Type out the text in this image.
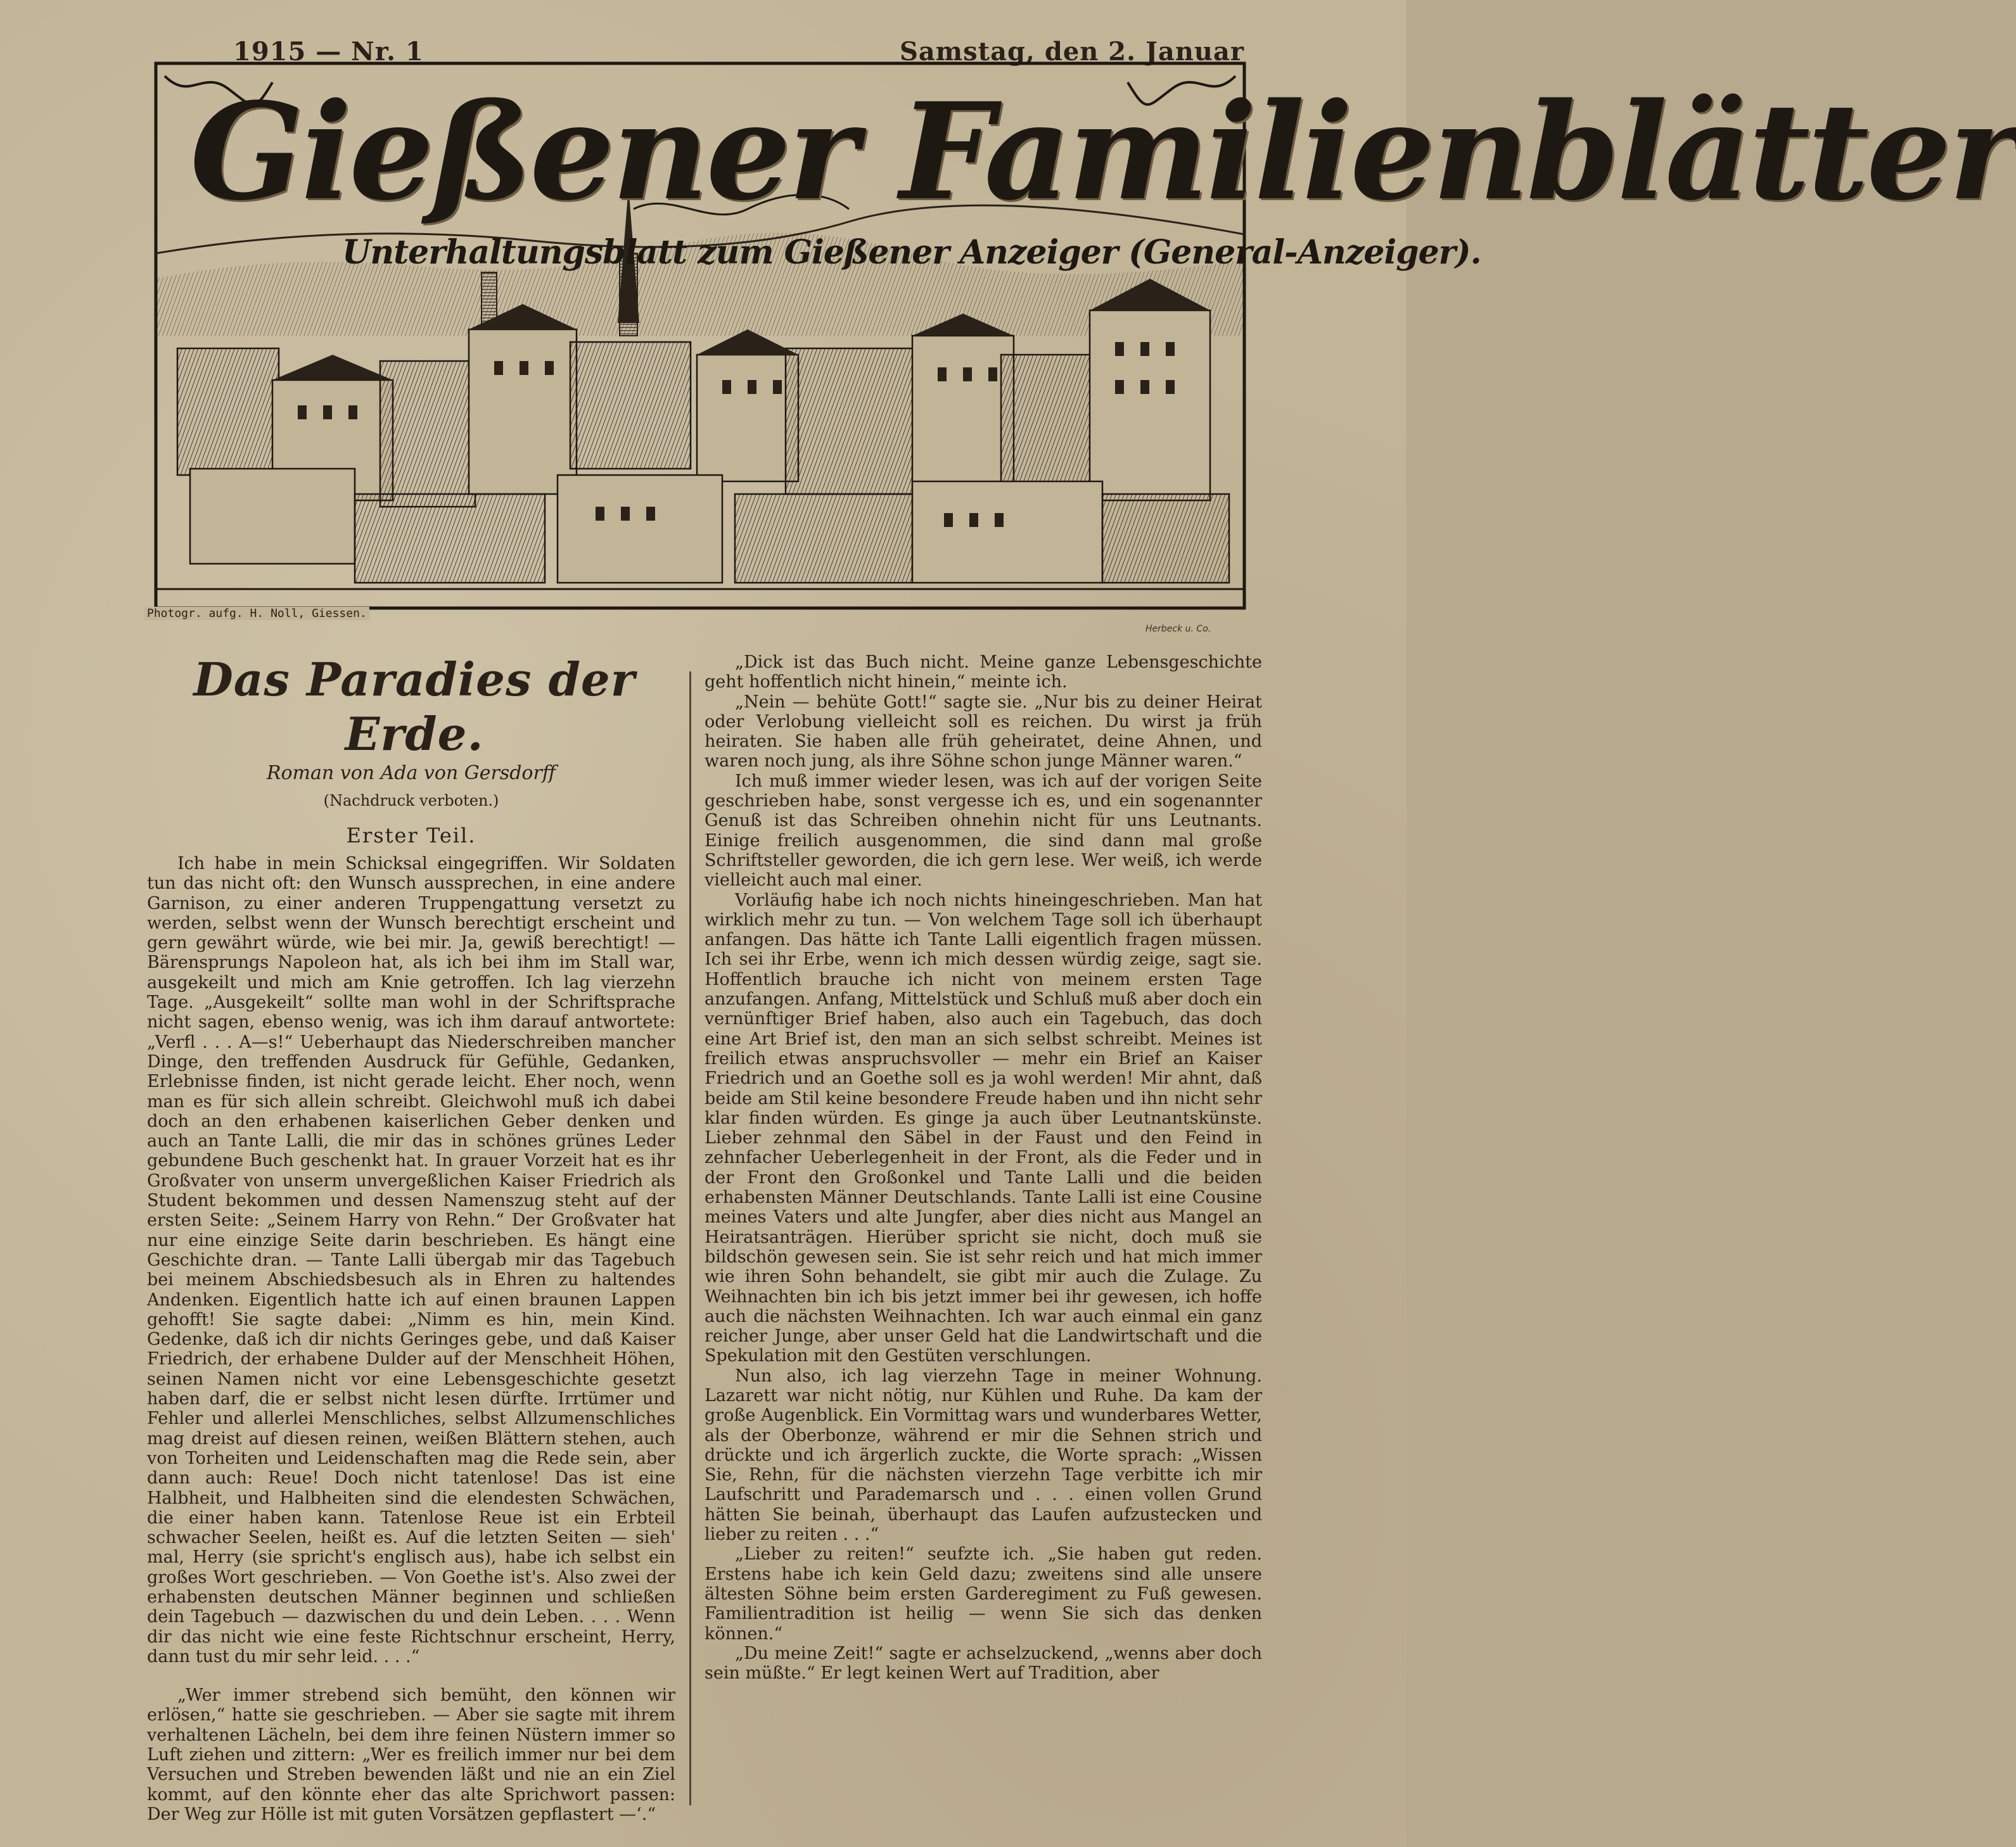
1915 — Nr. 1	Samstag, den 2. Januar
Gießener Familienblätter
Unterhaltungsblatt zum Gießener Anzeiger (General-Anzeiger).
Photogr. aufg. H. Noll, Giessen.
Herbeck u. Co.
Das Paradies der Erde.
Roman von Ada von Gersdorff
(Nachdruck verboten.)
Erster Teil.

Ich habe in mein Schicksal eingegriffen. Wir Soldaten tun das nicht oft: den Wunsch aussprechen, in eine andere Garnison, zu einer anderen Truppengattung versetzt zu werden, selbst wenn der Wunsch berechtigt erscheint und gern gewährt würde, wie bei mir. Ja, gewiß berechtigt! — Bärensprungs Napoleon hat, als ich bei ihm im Stall war, ausgekeilt und mich am Knie getroffen. Ich lag vierzehn Tage. „Ausgekeilt“ sollte man wohl in der Schriftsprache nicht sagen, ebenso wenig, was ich ihm darauf antwortete: „Verfl . . . A—s!“ Ueberhaupt das Niederschreiben mancher Dinge, den treffenden Ausdruck für Gefühle, Gedanken, Erlebnisse finden, ist nicht gerade leicht. Eher noch, wenn man es für sich allein schreibt. Gleichwohl muß ich dabei doch an den erhabenen kaiserlichen Geber denken und auch an Tante Lalli, die mir das in schönes grünes Leder gebundene Buch geschenkt hat. In grauer Vorzeit hat es ihr Großvater von unserm unvergeßlichen Kaiser Friedrich als Student bekommen und dessen Namenszug steht auf der ersten Seite: „Seinem Harry von Rehn.“ Der Großvater hat nur eine einzige Seite darin beschrieben. Es hängt eine Geschichte dran. — Tante Lalli übergab mir das Tagebuch bei meinem Abschiedsbesuch als in Ehren zu haltendes Andenken. Eigentlich hatte ich auf einen braunen Lappen gehofft! Sie sagte dabei: „Nimm es hin, mein Kind. Gedenke, daß ich dir nichts Geringes gebe, und daß Kaiser Friedrich, der erhabene Dulder auf der Menschheit Höhen, seinen Namen nicht vor eine Lebensgeschichte gesetzt haben darf, die er selbst nicht lesen dürfte. Irrtümer und Fehler und allerlei Menschliches, selbst Allzumenschliches mag dreist auf diesen reinen, weißen Blättern stehen, auch von Torheiten und Leidenschaften mag die Rede sein, aber dann auch: Reue! Doch nicht tatenlose! Das ist eine Halbheit, und Halbheiten sind die elendesten Schwächen, die einer haben kann. Tatenlose Reue ist ein Erbteil schwacher Seelen, heißt es. Auf die letzten Seiten — sieh' mal, Herry (sie spricht's englisch aus), habe ich selbst ein großes Wort geschrieben. — Von Goethe ist's. Also zwei der erhabensten deutschen Männer beginnen und schließen dein Tagebuch — dazwischen du und dein Leben. . . . Wenn dir das nicht wie eine feste Richtschnur erscheint, Herry, dann tust du mir sehr leid. . . .“

„Wer immer strebend sich bemüht, den können wir erlösen,“ hatte sie geschrieben. — Aber sie sagte mit ihrem verhaltenen Lächeln, bei dem ihre feinen Nüstern immer so Luft ziehen und zittern: „Wer es freilich immer nur bei dem Versuchen und Streben bewenden läßt und nie an ein Ziel kommt, auf den könnte eher das alte Sprichwort passen: Der Weg zur Hölle ist mit guten Vorsätzen gepflastert —‘.“

„Dick ist das Buch nicht. Meine ganze Lebensgeschichte geht hoffentlich nicht hinein,“ meinte ich.

„Nein — behüte Gott!“ sagte sie. „Nur bis zu deiner Heirat oder Verlobung vielleicht soll es reichen. Du wirst ja früh heiraten. Sie haben alle früh geheiratet, deine Ahnen, und waren noch jung, als ihre Söhne schon junge Männer waren.“

Ich muß immer wieder lesen, was ich auf der vorigen Seite geschrieben habe, sonst vergesse ich es, und ein sogenannter Genuß ist das Schreiben ohnehin nicht für uns Leutnants. Einige freilich ausgenommen, die sind dann mal große Schriftsteller geworden, die ich gern lese. Wer weiß, ich werde vielleicht auch mal einer.

Vorläufig habe ich noch nichts hineingeschrieben. Man hat wirklich mehr zu tun. — Von welchem Tage soll ich überhaupt anfangen. Das hätte ich Tante Lalli eigentlich fragen müssen. Ich sei ihr Erbe, wenn ich mich dessen würdig zeige, sagt sie. Hoffentlich brauche ich nicht von meinem ersten Tage anzufangen. Anfang, Mittelstück und Schluß muß aber doch ein vernünftiger Brief haben, also auch ein Tagebuch, das doch eine Art Brief ist, den man an sich selbst schreibt. Meines ist freilich etwas anspruchsvoller — mehr ein Brief an Kaiser Friedrich und an Goethe soll es ja wohl werden! Mir ahnt, daß beide am Stil keine besondere Freude haben und ihn nicht sehr klar finden würden. Es ginge ja auch über Leutnantskünste. Lieber zehnmal den Säbel in der Faust und den Feind in zehnfacher Ueberlegenheit in der Front, als die Feder und in der Front den Großonkel und Tante Lalli und die beiden erhabensten Männer Deutschlands. Tante Lalli ist eine Cousine meines Vaters und alte Jungfer, aber dies nicht aus Mangel an Heiratsanträgen. Hierüber spricht sie nicht, doch muß sie bildschön gewesen sein. Sie ist sehr reich und hat mich immer wie ihren Sohn behandelt, sie gibt mir auch die Zulage. Zu Weihnachten bin ich bis jetzt immer bei ihr gewesen, ich hoffe auch die nächsten Weihnachten. Ich war auch einmal ein ganz reicher Junge, aber unser Geld hat die Landwirtschaft und die Spekulation mit den Gestüten verschlungen.

Nun also, ich lag vierzehn Tage in meiner Wohnung. Lazarett war nicht nötig, nur Kühlen und Ruhe. Da kam der große Augenblick. Ein Vormittag wars und wunderbares Wetter, als der Oberbonze, während er mir die Sehnen strich und drückte und ich ärgerlich zuckte, die Worte sprach: „Wissen Sie, Rehn, für die nächsten vierzehn Tage verbitte ich mir Laufschritt und Parademarsch und . . . einen vollen Grund hätten Sie beinah, überhaupt das Laufen aufzustecken und lieber zu reiten . . .“

„Lieber zu reiten!“ seufzte ich. „Sie haben gut reden. Erstens habe ich kein Geld dazu; zweitens sind alle unsere ältesten Söhne beim ersten Garderegiment zu Fuß gewesen. Familientradition ist heilig — wenn Sie sich das denken können.“

„Du meine Zeit!“ sagte er achselzuckend, „wenns aber doch sein müßte.“ Er legt keinen Wert auf Tradition, aber
